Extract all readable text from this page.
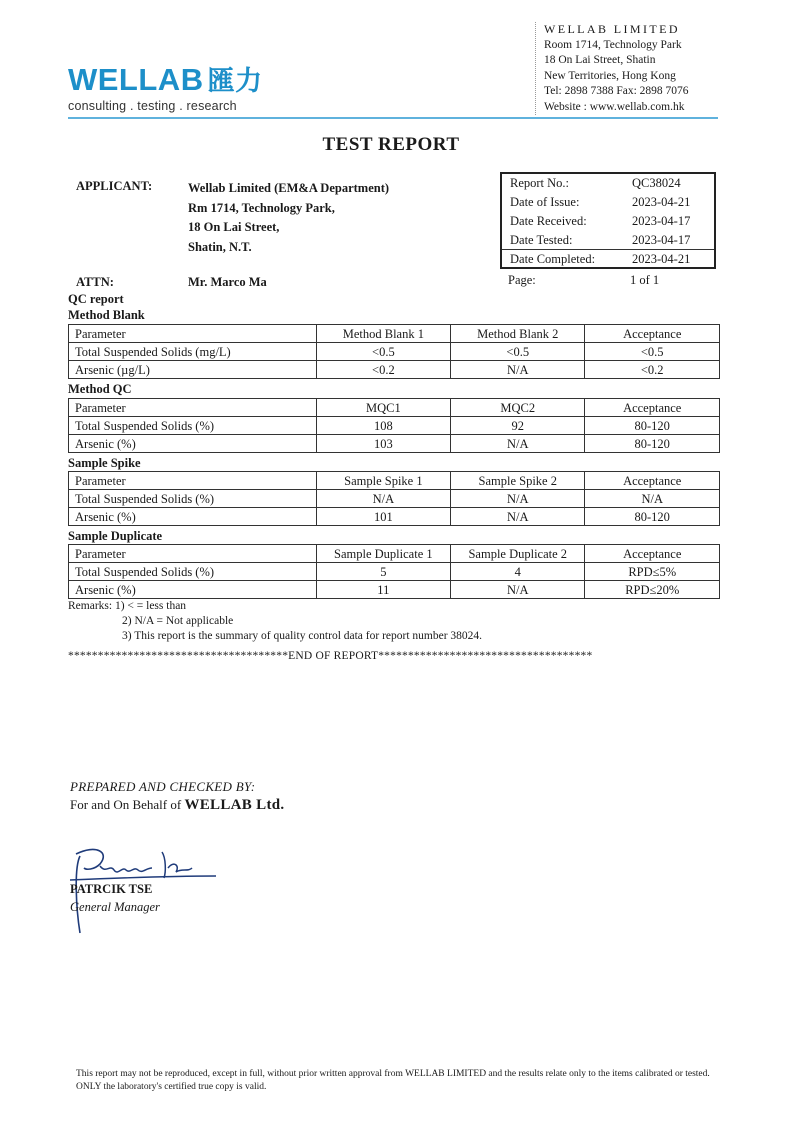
WELLAB 匯力
consulting . testing . research
WELLAB LIMITED
Room 1714, Technology Park
18 On Lai Street, Shatin
New Territories, Hong Kong
Tel: 2898 7388 Fax: 2898 7076
Website : www.wellab.com.hk
TEST REPORT
APPLICANT:	Wellab Limited (EM&A Department)
Rm 1714, Technology Park,
18 On Lai Street,
Shatin, N.T.
ATTN:	Mr. Marco Ma
Report No.:	QC38024
Date of Issue:	2023-04-21
Date Received:	2023-04-17
Date Tested:	2023-04-17
Date Completed:	2023-04-21
Page:	1 of 1
QC report
Method Blank
Parameter	Method Blank 1	Method Blank 2	Acceptance
Total Suspended Solids (mg/L)	<0.5	<0.5	<0.5
Arsenic (µg/L)	<0.2	N/A	<0.2
Method QC
Parameter	MQC1	MQC2	Acceptance
Total Suspended Solids (%)	108	92	80-120
Arsenic (%)	103	N/A	80-120
Sample Spike
Parameter	Sample Spike 1	Sample Spike 2	Acceptance
Total Suspended Solids (%)	N/A	N/A	N/A
Arsenic (%)	101	N/A	80-120
Sample Duplicate
Parameter	Sample Duplicate 1	Sample Duplicate 2	Acceptance
Total Suspended Solids (%)	5	4	RPD≤5%
Arsenic (%)	11	N/A	RPD≤20%
Remarks: 1) < = less than
2) N/A = Not applicable
3) This report is the summary of quality control data for report number 38024.
*************************************END OF REPORT************************************
PREPARED AND CHECKED BY:
For and On Behalf of WELLAB Ltd.
PATRCIK TSE
General Manager
This report may not be reproduced, except in full, without prior written approval from WELLAB LIMITED and the results relate only to the items calibrated or tested. ONLY the laboratory's certified true copy is valid.
